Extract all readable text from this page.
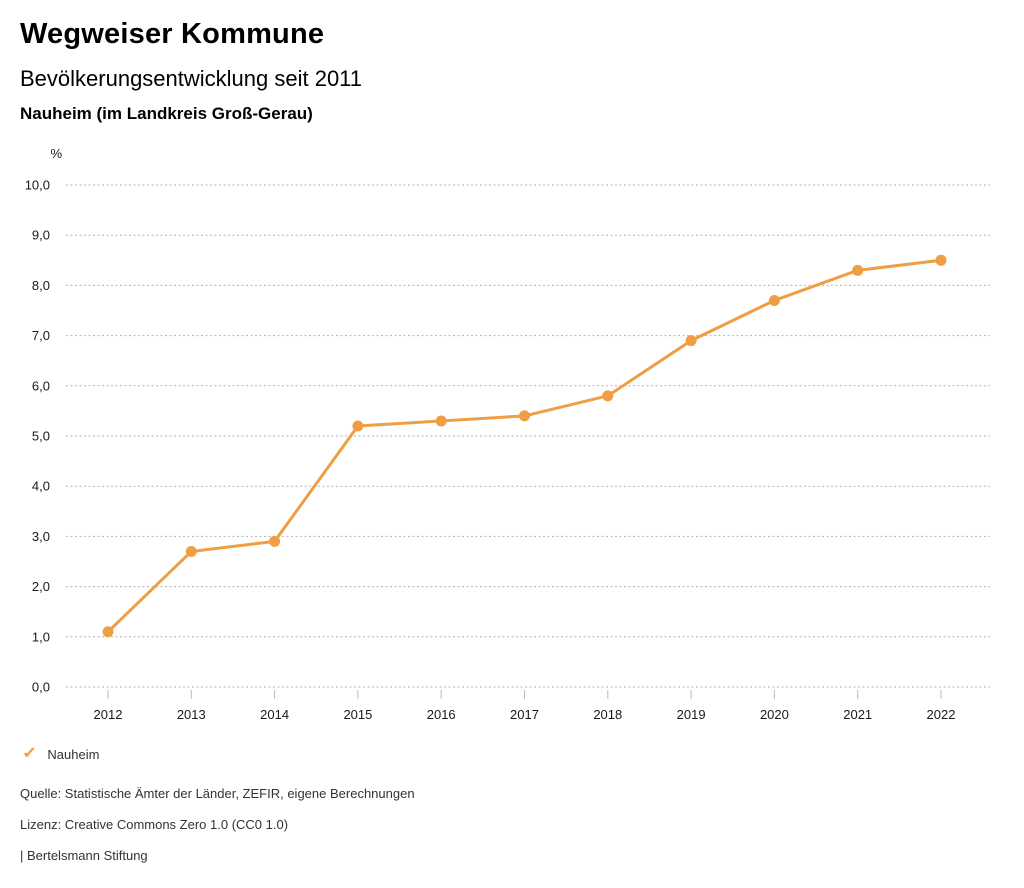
Wegweiser Kommune
Bevölkerungsentwicklung seit 2011
Nauheim (im Landkreis Groß-Gerau)
%
0,0
1,0
2,0
3,0
4,0
5,0
6,0
7,0
8,0
9,0
10,0
2012	2013	2014	2015	2016	2017	2018	2019	2020	2021	2022
✓ Nauheim
Quelle: Statistische Ämter der Länder, ZEFIR, eigene Berechnungen
Lizenz: Creative Commons Zero 1.0 (CC0 1.0)
| Bertelsmann Stiftung
